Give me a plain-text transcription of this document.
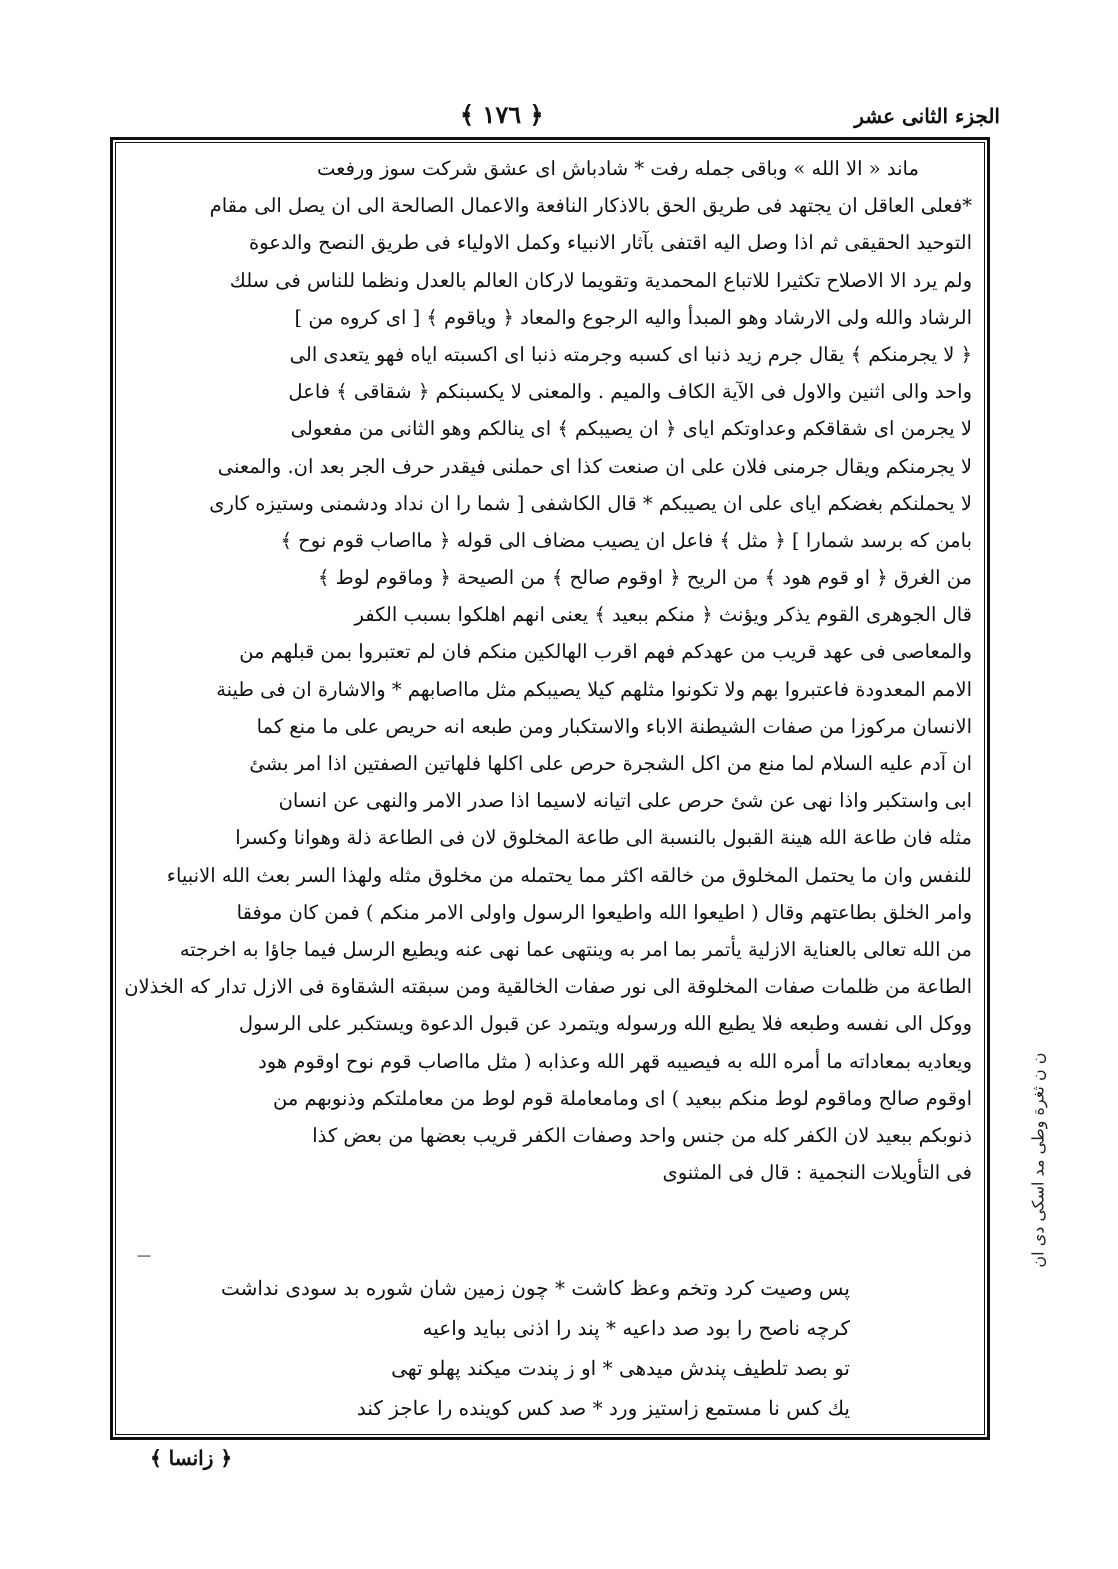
الجزء الثانى عشر
﴿ ١٧٦ ﴾
ماند « الا الله » وباقى جمله رفت * شادباش اى عشق شركت سوز ورفعت
*فعلى العاقل ان يجتهد فى طريق الحق بالاذكار النافعة والاعمال الصالحة الى ان يصل الى مقام
التوحيد الحقيقى ثم اذا وصل اليه اقتفى بآثار الانبياء وكمل الاولياء فى طريق النصح والدعوة
ولم يرد الا الاصلاح تكثيرا للاتباع المحمدية وتقويما لاركان العالم بالعدل ونظما للناس فى سلك
الرشاد والله ولى الارشاد وهو المبدأ واليه الرجوع والمعاد ﴿ وياقوم ﴾ [ اى كروه من ]
﴿ لا يجرمنكم ﴾ يقال جرم زيد ذنبا اى كسبه وجرمته ذنبا اى اكسبته اياه فهو يتعدى الى
واحد والى اثنين والاول فى الآية الكاف والميم . والمعنى لا يكسبنكم ﴿ شقاقى ﴾ فاعل
لا يجرمن اى شقاقكم وعداوتكم اياى ﴿ ان يصيبكم ﴾ اى ينالكم وهو الثانى من مفعولى
لا يجرمنكم ويقال جرمنى فلان على ان صنعت كذا اى حملنى فيقدر حرف الجر بعد ان. والمعنى
لا يحملنكم بغضكم اياى على ان يصيبكم * قال الكاشفى [ شما را ان نداد ودشمنى وستيزه كارى
بامن كه برسد شمارا ] ﴿ مثل ﴾ فاعل ان يصيب مضاف الى قوله ﴿ مااصاب قوم نوح ﴾
من الغرق ﴿ او قوم هود ﴾ من الريح ﴿ اوقوم صالح ﴾ من الصيحة ﴿ وماقوم لوط ﴾
قال الجوهرى القوم يذكر ويؤنث ﴿ منكم ببعيد ﴾ يعنى انهم اهلكوا بسبب الكفر
والمعاصى فى عهد قريب من عهدكم فهم اقرب الهالكين منكم فان لم تعتبروا بمن قبلهم من
الامم المعدودة فاعتبروا بهم ولا تكونوا مثلهم كيلا يصيبكم مثل مااصابهم * والاشارة ان فى طينة
الانسان مركوزا من صفات الشيطنة الاباء والاستكبار ومن طبعه انه حريص على ما منع كما
ان آدم عليه السلام لما منع من اكل الشجرة حرص على اكلها فلهاتين الصفتين اذا امر بشئ
ابى واستكبر واذا نهى عن شئ حرص على اتيانه لاسيما اذا صدر الامر والنهى عن انسان
مثله فان طاعة الله هينة القبول بالنسبة الى طاعة المخلوق لان فى الطاعة ذلة وهوانا وكسرا
للنفس وان ما يحتمل المخلوق من خالقه اكثر مما يحتمله من مخلوق مثله ولهذا السر بعث الله الانبياء
وامر الخلق بطاعتهم وقال ( اطيعوا الله واطيعوا الرسول واولى الامر منكم ) فمن كان موفقا
من الله تعالى بالعناية الازلية يأتمر بما امر به وينتهى عما نهى عنه ويطيع الرسل فيما جاؤا به اخرجته
الطاعة من ظلمات صفات المخلوقة الى نور صفات الخالقية ومن سبقته الشقاوة فى الازل تدار كه الخذلان
ووكل الى نفسه وطبعه فلا يطيع الله ورسوله ويتمرد عن قبول الدعوة ويستكبر على الرسول
ويعاديه بمعاداته ما أمره الله به فيصيبه قهر الله وعذابه ( مثل مااصاب قوم نوح اوقوم هود
اوقوم صالح وماقوم لوط منكم ببعيد ) اى ومامعاملة قوم لوط من معاملتكم وذنوبهم من
ذنوبكم ببعيد لان الكفر كله من جنس واحد وصفات الكفر قريب بعضها من بعض كذا
فى التأويلات النجمية : قال فى المثنوى
—
پس وصيت كرد وتخم وعظ كاشت * چون زمين شان شوره بد سودى نداشت
كرچه ناصح را بود صد داعيه * پند را اذنى ببايد واعيه
تو بصد تلطيف پندش ميدهى * او ز پندت ميكند پهلو تهى
يك كس نا مستمع زاستيز ورد * صد كس كوينده را عاجز كند
ن ن ثغرة وطى مد اسكى دى ان
﴿ زانسا ﴾
